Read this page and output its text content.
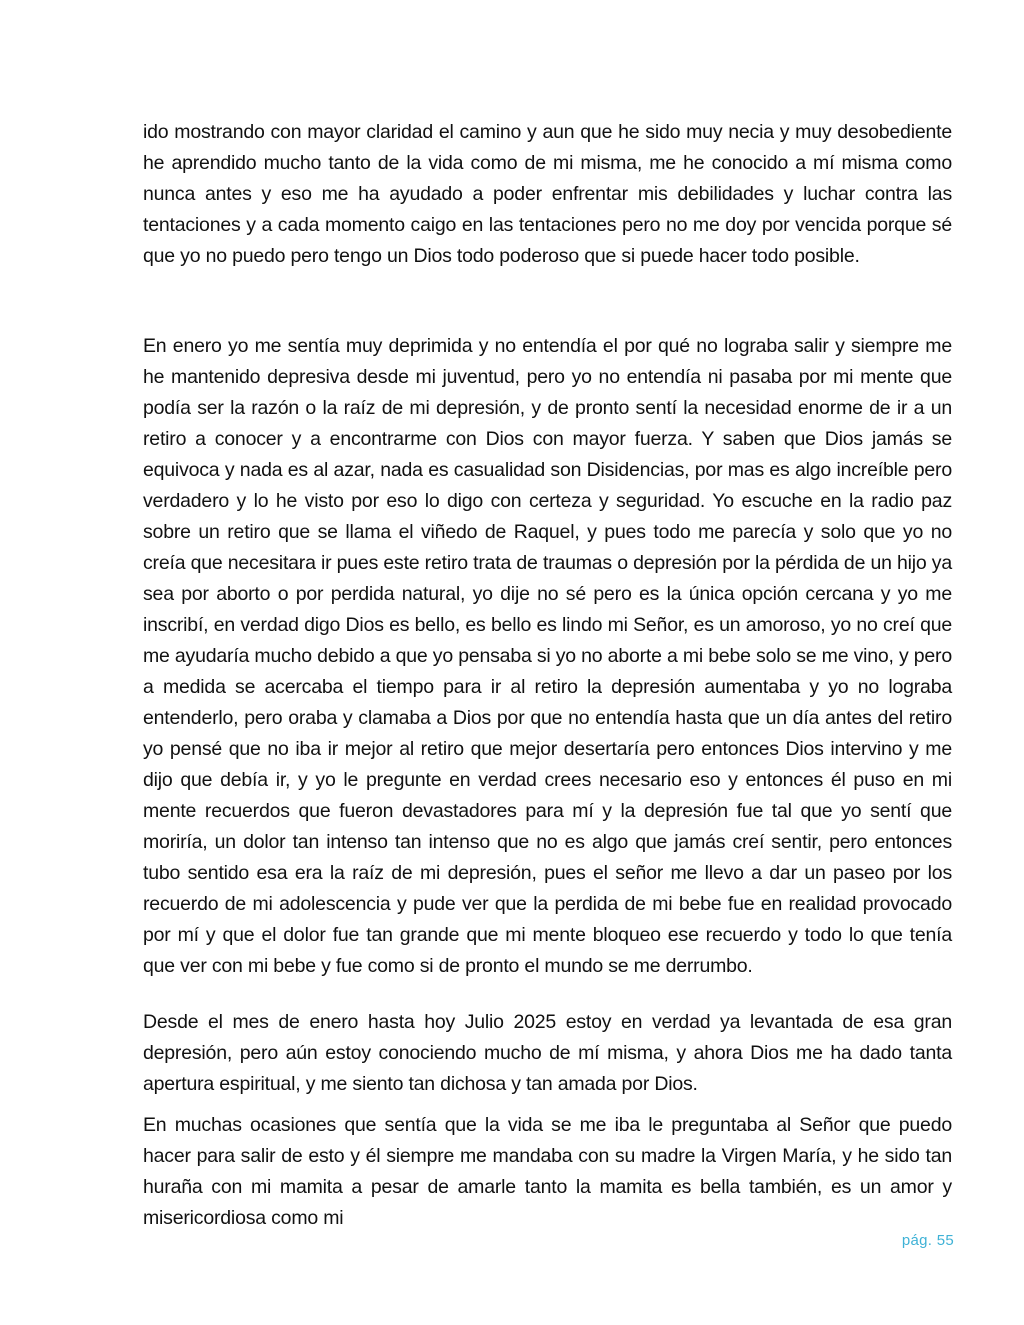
ido mostrando con mayor claridad el camino y aun que he sido muy necia y muy desobediente he aprendido mucho tanto de la vida como de mi misma, me he conocido a mí misma como nunca antes y eso me ha ayudado a poder enfrentar mis debilidades y luchar contra las tentaciones y a cada momento caigo en las tentaciones pero no me doy por vencida porque sé que yo no puedo pero tengo un Dios todo poderoso que si puede hacer todo posible.

En enero yo me sentía muy deprimida y no entendía el por qué no lograba salir y siempre me he mantenido depresiva desde mi juventud, pero yo no entendía ni pasaba por mi mente que podía ser la razón o la raíz de mi depresión, y de pronto sentí la necesidad enorme de ir a un retiro a conocer y a encontrarme con Dios con mayor fuerza. Y saben que Dios jamás se equivoca y nada es al azar, nada es casualidad son Disidencias, por mas es algo increíble pero verdadero y lo he visto por eso lo digo con certeza y seguridad. Yo escuche en la radio paz sobre un retiro que se llama el viñedo de Raquel, y pues todo me parecía y solo que yo no creía que necesitara ir pues este retiro trata de traumas o depresión por la pérdida de un hijo ya sea por aborto o por perdida natural, yo dije no sé pero es la única opción cercana y yo me inscribí, en verdad digo Dios es bello, es bello es lindo mi Señor, es un amoroso, yo no creí que me ayudaría mucho debido a que yo pensaba si yo no aborte a mi bebe solo se me vino, y pero a medida se acercaba el tiempo para ir al retiro la depresión aumentaba y yo no lograba entenderlo, pero oraba y clamaba a Dios por que no entendía hasta que un día antes del retiro yo pensé que no iba ir mejor al retiro que mejor desertaría pero entonces Dios intervino y me dijo que debía ir, y yo le pregunte en verdad crees necesario eso y entonces él puso en mi mente recuerdos que fueron devastadores para mí y la depresión fue tal que yo sentí que moriría, un dolor tan intenso tan intenso que no es algo que jamás creí sentir, pero entonces tubo sentido esa era la raíz de mi depresión, pues el señor me llevo a dar un paseo por los recuerdo de mi adolescencia y pude ver que la perdida de mi bebe fue en realidad provocado por mí y que el dolor fue tan grande que mi mente bloqueo ese recuerdo y todo lo que tenía que ver con mi bebe y fue como si de pronto el mundo se me derrumbo.

Desde el mes de enero hasta hoy Julio 2025 estoy en verdad ya levantada de esa gran depresión, pero aún estoy conociendo mucho de mí misma, y ahora Dios me ha dado tanta apertura espiritual, y me siento tan dichosa y tan amada por Dios.

En muchas ocasiones que sentía que la vida se me iba le preguntaba al Señor que puedo hacer para salir de esto y él siempre me mandaba con su madre la Virgen María, y he sido tan huraña con mi mamita a pesar de amarle tanto la mamita es bella también, es un amor y misericordiosa como mi

pág. 55
